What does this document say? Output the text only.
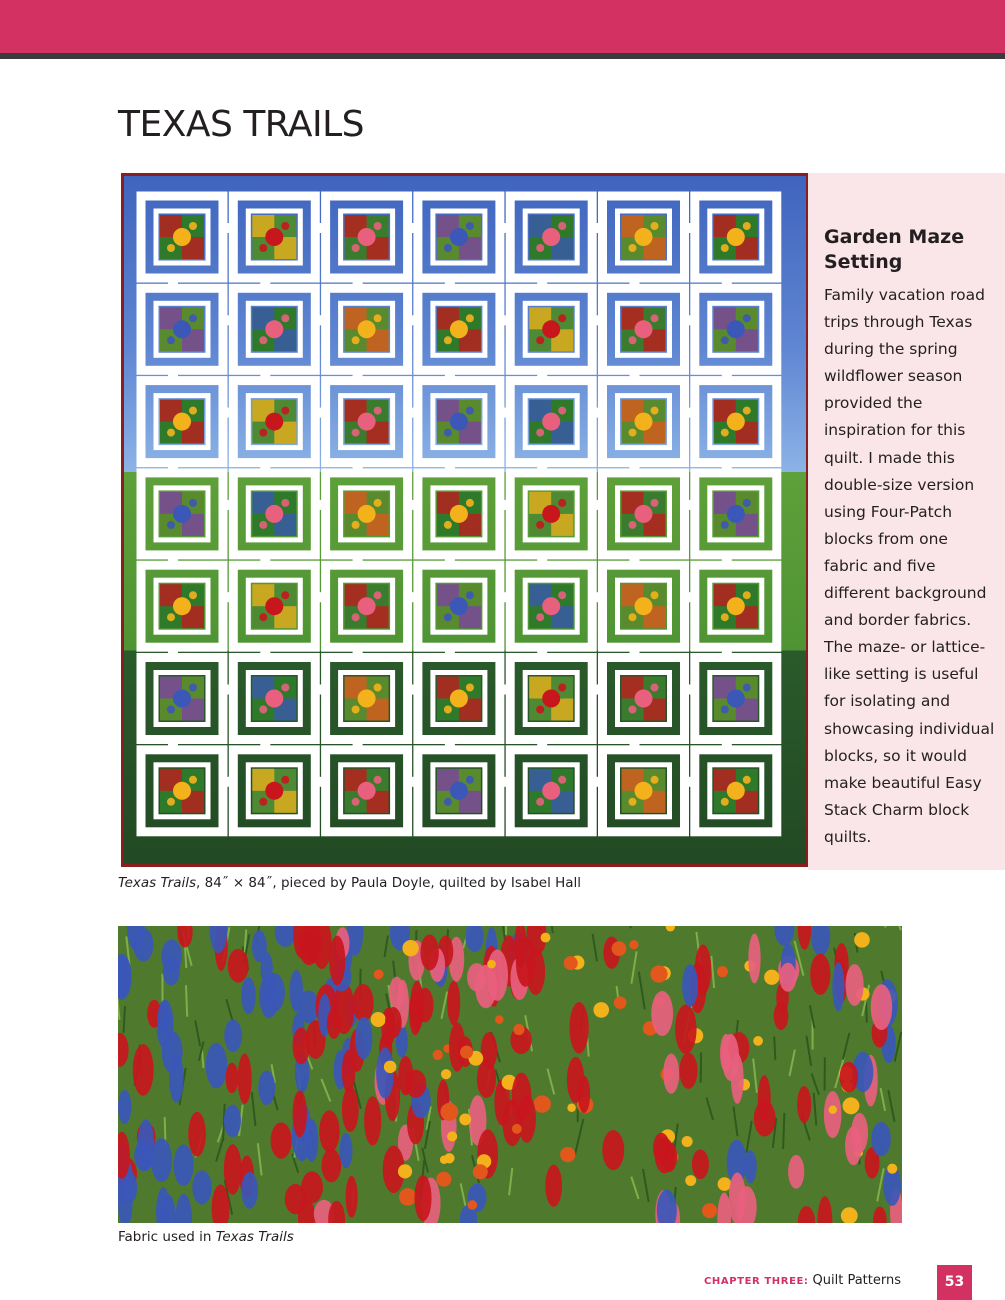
TEXAS TRAILS
Garden Maze Setting

Family vacation road trips through Texas during the spring wildflower season provided the inspiration for this quilt. I made this double-size version using Four-Patch blocks from one fabric and five different background and border fabrics. The maze- or lattice-like setting is useful for isolating and showcasing individual blocks, so it would make beautiful Easy Stack Charm block quilts.

Texas Trails, 84˝ × 84˝, pieced by Paula Doyle, quilted by Isabel Hall
Fabric used in Texas Trails
CHAPTER THREE: Quilt Patterns	53
